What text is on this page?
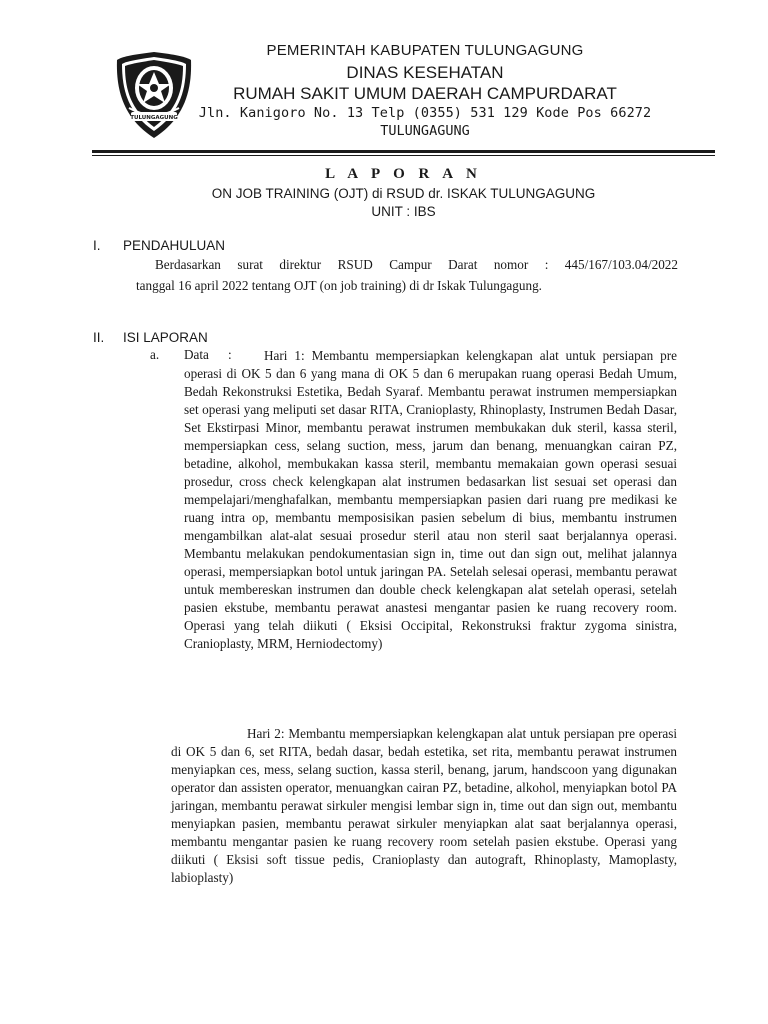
TULUNGAGUNG
PEMERINTAH KABUPATEN TULUNGAGUNG
DINAS KESEHATAN
RUMAH SAKIT UMUM DAERAH CAMPURDARAT
Jln. Kanigoro No. 13 Telp (0355) 531 129 Kode Pos 66272
TULUNGAGUNG
L A P O R A N
ON JOB TRAINING (OJT) di RSUD dr. ISKAK TULUNGAGUNG
UNIT : IBS
I. PENDAHULUAN
Berdasarkan surat direktur RSUD Campur Darat nomor : 445/167/103.04/2022
tanggal 16 april 2022 tentang OJT (on job training) di dr Iskak Tulungagung.
II. ISI LAPORAN
a. Data :	Hari 1: Membantu mempersiapkan kelengkapan alat untuk persiapan pre operasi di OK 5 dan 6 yang mana di OK 5 dan 6 merupakan ruang operasi Bedah Umum, Bedah Rekonstruksi Estetika, Bedah Syaraf. Membantu perawat instrumen mempersiapkan set operasi yang meliputi set dasar RITA, Cranioplasty, Rhinoplasty, Instrumen Bedah Dasar, Set Ekstirpasi Minor, membantu perawat instrumen membukakan duk steril, kassa steril, mempersiapkan cess, selang suction, mess, jarum dan benang, menuangkan cairan PZ, betadine, alkohol, membukakan kassa steril, membantu memakaian gown operasi sesuai prosedur, cross check kelengkapan alat instrumen bedasarkan list sesuai set operasi dan mempelajari/menghafalkan, membantu mempersiapkan pasien dari ruang pre medikasi ke ruang intra op, membantu memposisikan pasien sebelum di bius, membantu instrumen mengambilkan alat-alat sesuai prosedur steril atau non steril saat berjalannya operasi. Membantu melakukan pendokumentasian sign in, time out dan sign out, melihat jalannya operasi, mempersiapkan botol untuk jaringan PA. Setelah selesai operasi, membantu perawat untuk membereskan instrumen dan double check kelengkapan alat setelah operasi, setelah pasien ekstube, membantu perawat anastesi mengantar pasien ke ruang recovery room. Operasi yang telah diikuti ( Eksisi Occipital, Rekonstruksi fraktur zygoma sinistra, Cranioplasty, MRM, Herniodectomy)
Hari 2: Membantu mempersiapkan kelengkapan alat untuk persiapan pre operasi di OK 5 dan 6, set RITA, bedah dasar, bedah estetika, set rita, membantu perawat instrumen menyiapkan ces, mess, selang suction, kassa steril, benang, jarum, handscoon yang digunakan operator dan assisten operator, menuangkan cairan PZ, betadine, alkohol, menyiapkan botol PA jaringan, membantu perawat sirkuler mengisi lembar sign in, time out dan sign out, membantu menyiapkan pasien, membantu perawat sirkuler menyiapkan alat saat berjalannya operasi, membantu mengantar pasien ke ruang recovery room setelah pasien ekstube. Operasi yang diikuti ( Eksisi soft tissue pedis, Cranioplasty dan autograft, Rhinoplasty, Mamoplasty, labioplasty)
